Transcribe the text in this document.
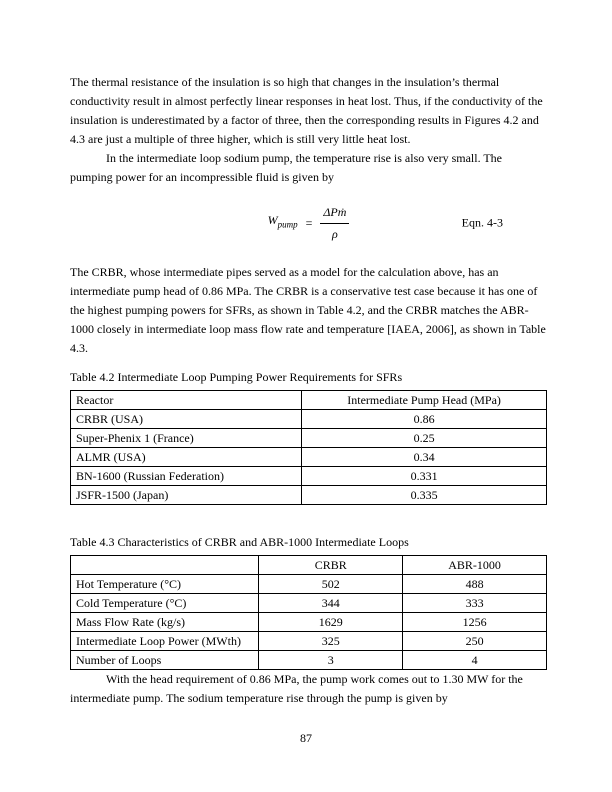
The thermal resistance of the insulation is so high that changes in the insulation’s thermal conductivity result in almost perfectly linear responses in heat lost. Thus, if the conductivity of the insulation is underestimated by a factor of three, then the corresponding results in Figures 4.2 and 4.3 are just a multiple of three higher, which is still very little heat lost.

In the intermediate loop sodium pump, the temperature rise is also very small. The pumping power for an incompressible fluid is given by

$W_{pump} = \frac{\text{ΔPṁ}}{\rho}$	Eqn. 4-3

The CRBR, whose intermediate pipes served as a model for the calculation above, has an intermediate pump head of 0.86 MPa. The CRBR is a conservative test case because it has one of the highest pumping powers for SFRs, as shown in Table 4.2, and the CRBR matches the ABR-1000 closely in intermediate loop mass flow rate and temperature [IAEA, 2006], as shown in Table 4.3.

Table 4.2 Intermediate Loop Pumping Power Requirements for SFRs

Reactor	Intermediate Pump Head (MPa)
CRBR (USA)	0.86
Super-Phenix 1 (France)	0.25
ALMR (USA)	0.34
BN-1600 (Russian Federation)	0.331
JSFR-1500 (Japan)	0.335

Table 4.3 Characteristics of CRBR and ABR-1000 Intermediate Loops

	CRBR	ABR-1000
Hot Temperature (°C)	502	488
Cold Temperature (°C)	344	333
Mass Flow Rate (kg/s)	1629	1256
Intermediate Loop Power (MWth)	325	250
Number of Loops	3	4

With the head requirement of 0.86 MPa, the pump work comes out to 1.30 MW for the intermediate pump. The sodium temperature rise through the pump is given by

87
